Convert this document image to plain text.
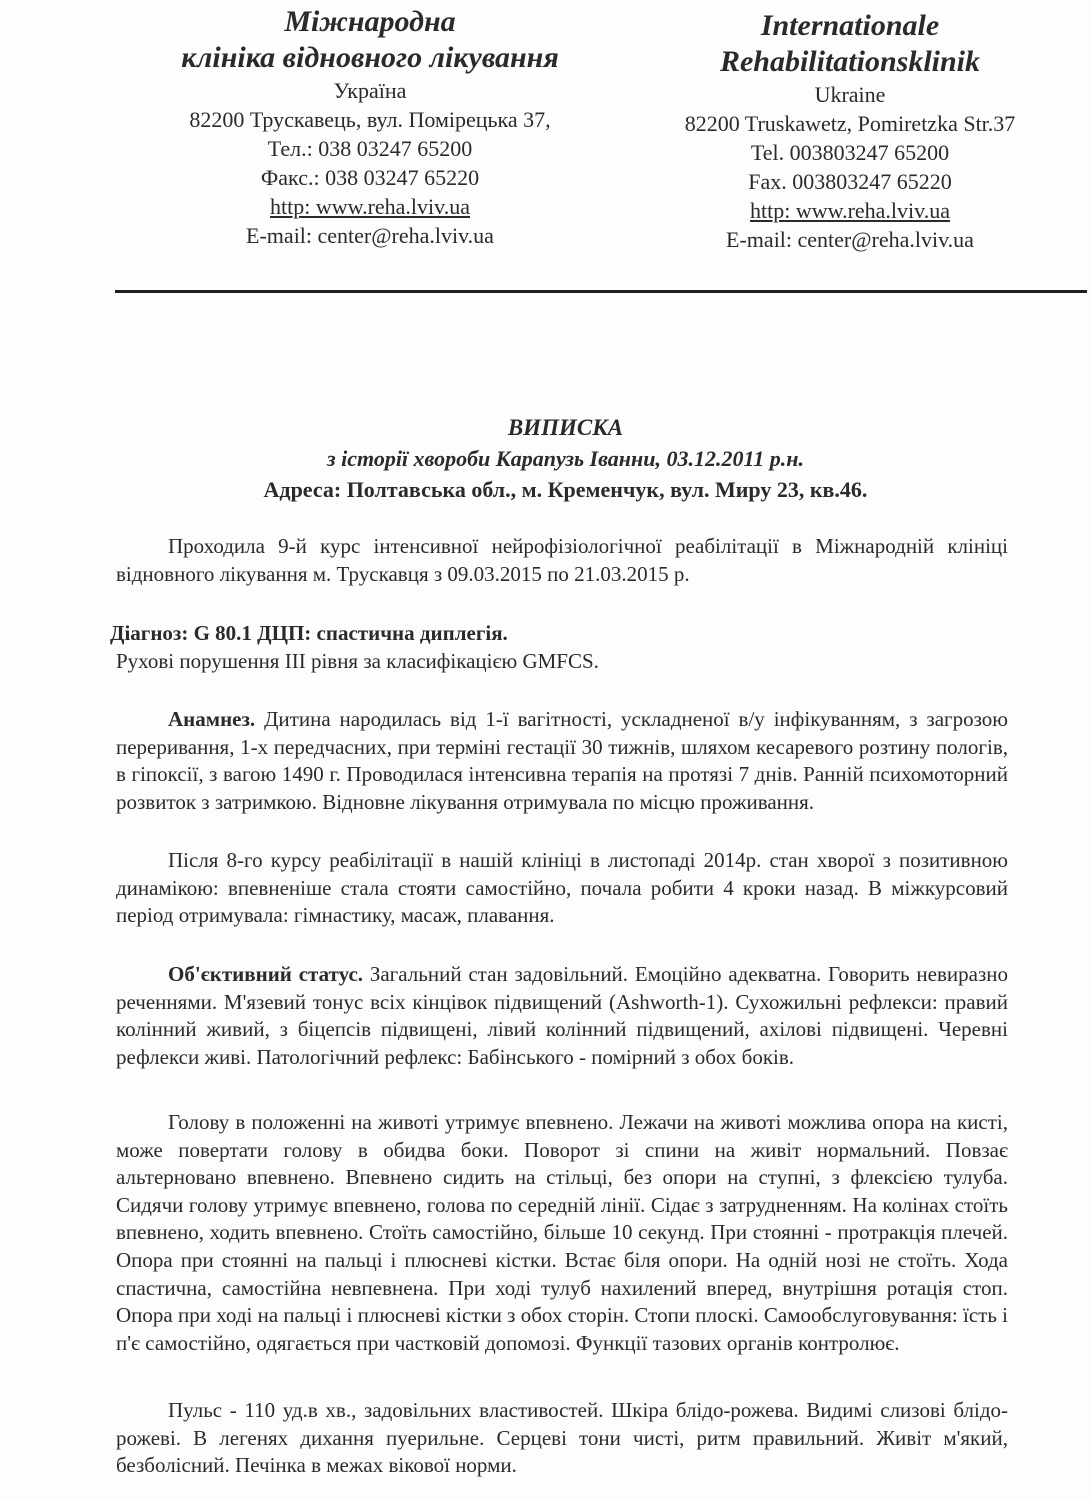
Міжнародна

клініка відновного лікування

Україна

82200 Трускавець, вул. Помірецька 37,

Тел.: 038 03247 65200

Факс.: 038 03247 65220

http: www.reha.lviv.ua

E-mail: center@reha.lviv.ua

Internationale

Rehabilitationsklinik

Ukraine

82200 Truskawetz, Pomiretzka Str.37

Tel. 003803247 65200

Fax. 003803247 65220

http: www.reha.lviv.ua

E-mail: center@reha.lviv.ua

ВИПИСКА

з історії хвороби Карапузь Іванни, 03.12.2011 р.н.

Адреса: Полтавська обл., м. Кременчук, вул. Миру 23, кв.46.

Проходила 9-й курс інтенсивної нейрофізіологічної реабілітації в Міжнародній клініці відновного лікування м. Трускавця з 09.03.2015 по 21.03.2015 р.

Діагноз: G 80.1 ДЦП: спастична диплегія.

Рухові порушення III рівня за класифікацією GMFCS.

Анамнез. Дитина народилась від 1-ї вагітності, ускладненої в/у інфікуванням, з загрозою переривання, 1-х передчасних, при терміні гестації 30 тижнів, шляхом кесаревого розтину пологів, в гіпоксії, з вагою 1490 г. Проводилася інтенсивна терапія на протязі 7 днів. Ранній психомоторний розвиток з затримкою. Відновне лікування отримувала по місцю проживання.

Після 8-го курсу реабілітації в нашій клініці в листопаді 2014р. стан хворої з позитивною динамікою: впевненіше стала стояти самостійно, почала робити 4 кроки назад. В міжкурсовий період отримувала: гімнастику, масаж, плавання.

Об'єктивний статус. Загальний стан задовільний. Емоційно адекватна. Говорить невиразно реченнями. М'язевий тонус всіх кінцівок підвищений (Ashworth-1). Сухожильні рефлекси: правий колінний живий, з біцепсів підвищені, лівий колінний підвищений, ахілові підвищені. Черевні рефлекси живі. Патологічний рефлекс: Бабінського - помірний з обох боків.

Голову в положенні на животі утримує впевнено. Лежачи на животі можлива опора на кисті, може повертати голову в обидва боки. Поворот зі спини на живіт нормальний. Повзає альтерновано впевнено. Впевнено сидить на стільці, без опори на ступні, з флексією тулуба. Сидячи голову утримує впевнено, голова по середній лінії. Сідає з затрудненням. На колінах стоїть впевнено, ходить впевнено. Стоїть самостійно, більше 10 секунд. При стоянні - протракція плечей. Опора при стоянні на пальці і плюсневі кістки. Встає біля опори. На одній нозі не стоїть. Хода спастична, самостійна невпевнена. При ході тулуб нахилений вперед, внутрішня ротація стоп. Опора при ході на пальці і плюсневі кістки з обох сторін. Стопи плоскі. Самообслуговування: їсть і п'є самостійно, одягається при частковій допомозі. Функції тазових органів контролює.

Пульс - 110 уд.в хв., задовільних властивостей. Шкіра блідо-рожева. Видимі слизові блідо-рожеві. В легенях дихання пуерильне. Серцеві тони чисті, ритм правильний. Живіт м'який, безболісний. Печінка в межах вікової норми.
